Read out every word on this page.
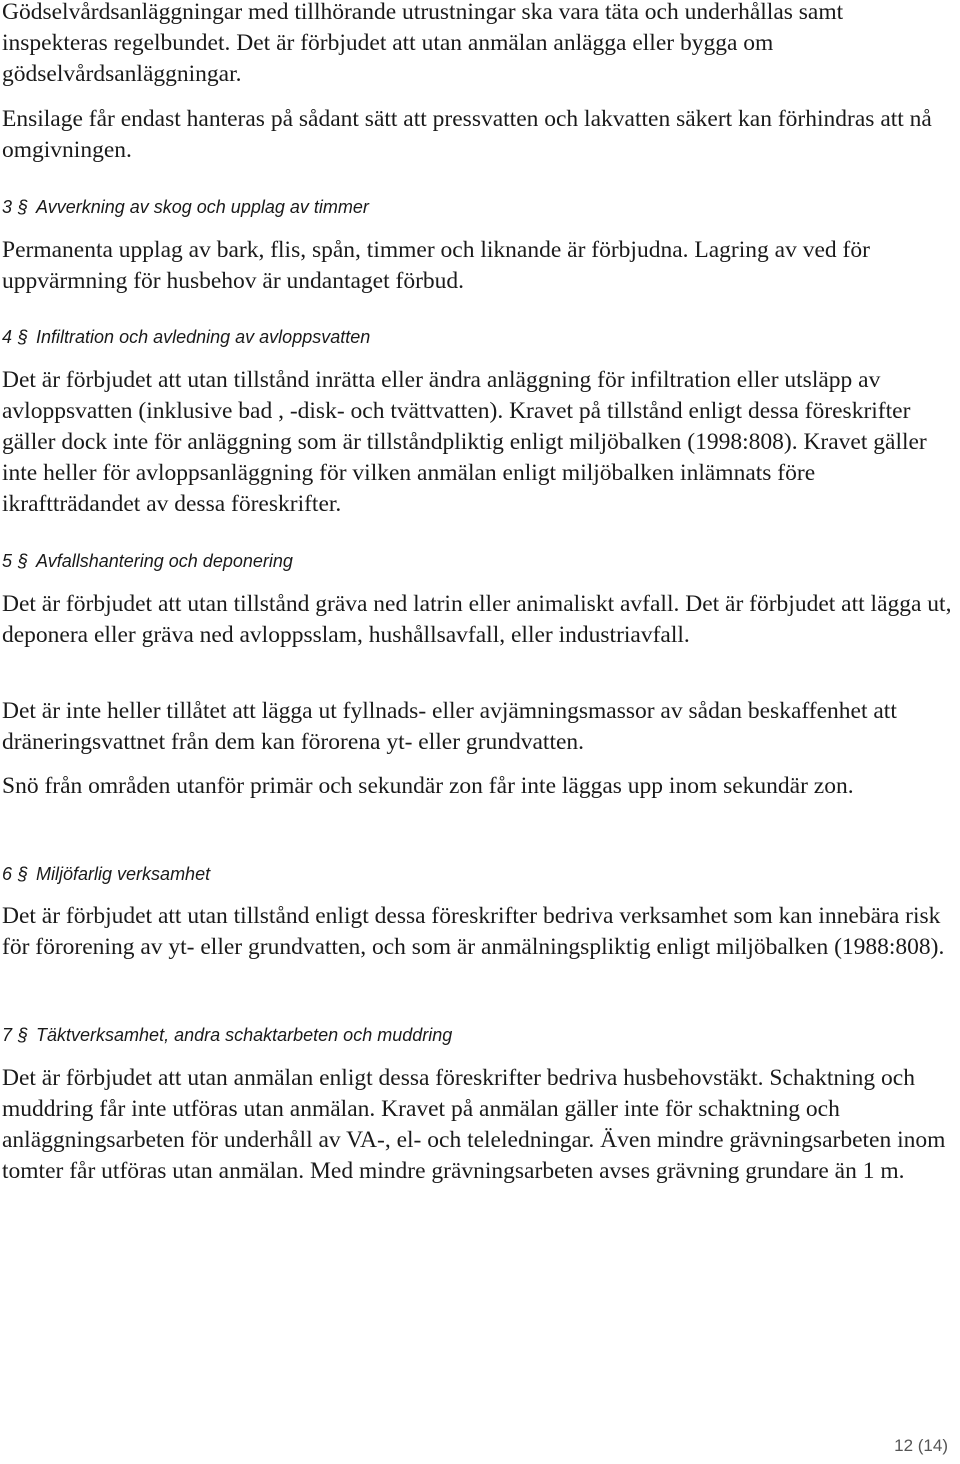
Gödselvårdsanläggningar med tillhörande utrustningar ska vara täta och underhållas samt inspekteras regelbundet. Det är förbjudet att utan anmälan anlägga eller bygga om gödselvårdsanläggningar.

Ensilage får endast hanteras på sådant sätt att pressvatten och lakvatten säkert kan förhindras att nå omgivningen.

3 § Avverkning av skog och upplag av timmer

Permanenta upplag av bark, flis, spån, timmer och liknande är förbjudna. Lagring av ved för uppvärmning för husbehov är undantaget förbud.

4 § Infiltration och avledning av avloppsvatten

Det är förbjudet att utan tillstånd inrätta eller ändra anläggning för infiltration eller utsläpp av avloppsvatten (inklusive bad , -disk- och tvättvatten). Kravet på tillstånd enligt dessa föreskrifter gäller dock inte för anläggning som är tillståndpliktig enligt miljöbalken (1998:808). Kravet gäller inte heller för avloppsanläggning för vilken anmälan enligt miljöbalken inlämnats före ikraftträdandet av dessa föreskrifter.

5 § Avfallshantering och deponering

Det är förbjudet att utan tillstånd gräva ned latrin eller animaliskt avfall. Det är förbjudet att lägga ut, deponera eller gräva ned avloppsslam, hushållsavfall, eller industriavfall.

Det är inte heller tillåtet att lägga ut fyllnads- eller avjämningsmassor av sådan beskaffenhet att dräneringsvattnet från dem kan förorena yt- eller grundvatten.

Snö från områden utanför primär och sekundär zon får inte läggas upp inom sekundär zon.

6 § Miljöfarlig verksamhet

Det är förbjudet att utan tillstånd enligt dessa föreskrifter bedriva verksamhet som kan innebära risk för förorening av yt- eller grundvatten, och som är anmälningspliktig enligt miljöbalken (1988:808).

7 § Täktverksamhet, andra schaktarbeten och muddring

Det är förbjudet att utan anmälan enligt dessa föreskrifter bedriva husbehovstäkt. Schaktning och muddring får inte utföras utan anmälan. Kravet på anmälan gäller inte för schaktning och anläggningsarbeten för underhåll av VA-, el- och teleledningar. Även mindre grävningsarbeten inom tomter får utföras utan anmälan. Med mindre grävningsarbeten avses grävning grundare än 1 m.

12 (14)
